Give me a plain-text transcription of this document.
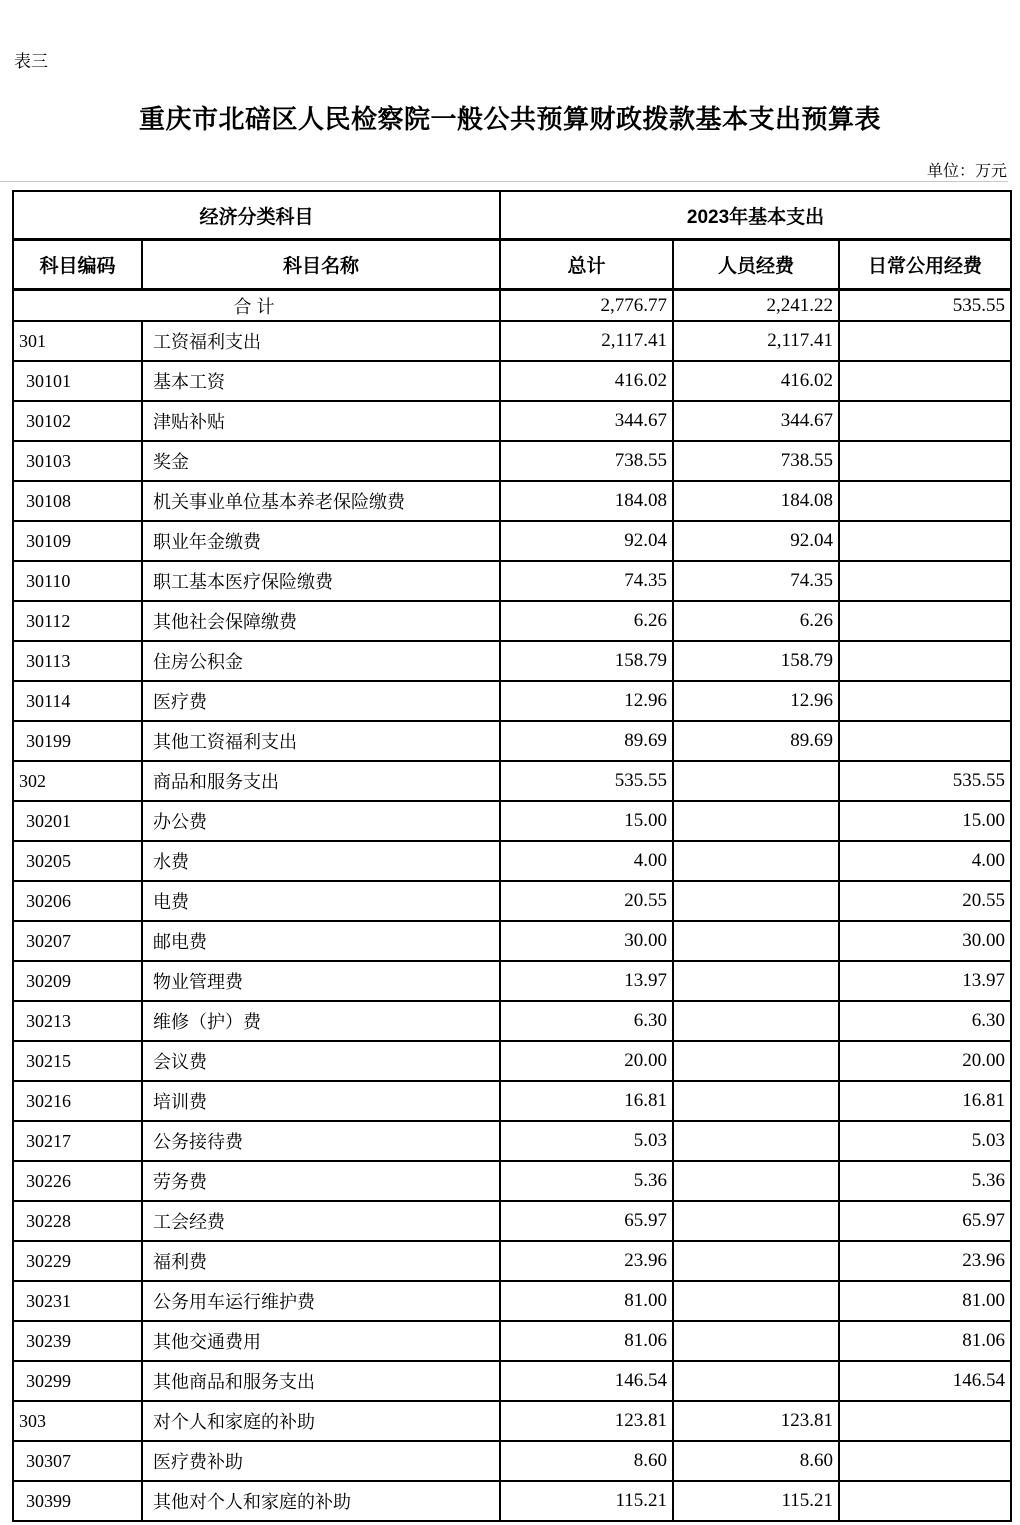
表三
重庆市北碚区人民检察院一般公共预算财政拨款基本支出预算表
单位：万元
经济分类科目		2023年基本支出		
科目编码	科目名称	总计	人员经费	日常公用经费
合计		2,776.77	2,241.22	535.55
301	工资福利支出	2,117.41	2,117.41	
30101	基本工资	416.02	416.02	
30102	津贴补贴	344.67	344.67	
30103	奖金	738.55	738.55	
30108	机关事业单位基本养老保险缴费	184.08	184.08	
30109	职业年金缴费	92.04	92.04	
30110	职工基本医疗保险缴费	74.35	74.35	
30112	其他社会保障缴费	6.26	6.26	
30113	住房公积金	158.79	158.79	
30114	医疗费	12.96	12.96	
30199	其他工资福利支出	89.69	89.69	
302	商品和服务支出	535.55		535.55
30201	办公费	15.00		15.00
30205	水费	4.00		4.00
30206	电费	20.55		20.55
30207	邮电费	30.00		30.00
30209	物业管理费	13.97		13.97
30213	维修（护）费	6.30		6.30
30215	会议费	20.00		20.00
30216	培训费	16.81		16.81
30217	公务接待费	5.03		5.03
30226	劳务费	5.36		5.36
30228	工会经费	65.97		65.97
30229	福利费	23.96		23.96
30231	公务用车运行维护费	81.00		81.00
30239	其他交通费用	81.06		81.06
30299	其他商品和服务支出	146.54		146.54
303	对个人和家庭的补助	123.81	123.81	
30307	医疗费补助	8.60	8.60	
30399	其他对个人和家庭的补助	115.21	115.21	
